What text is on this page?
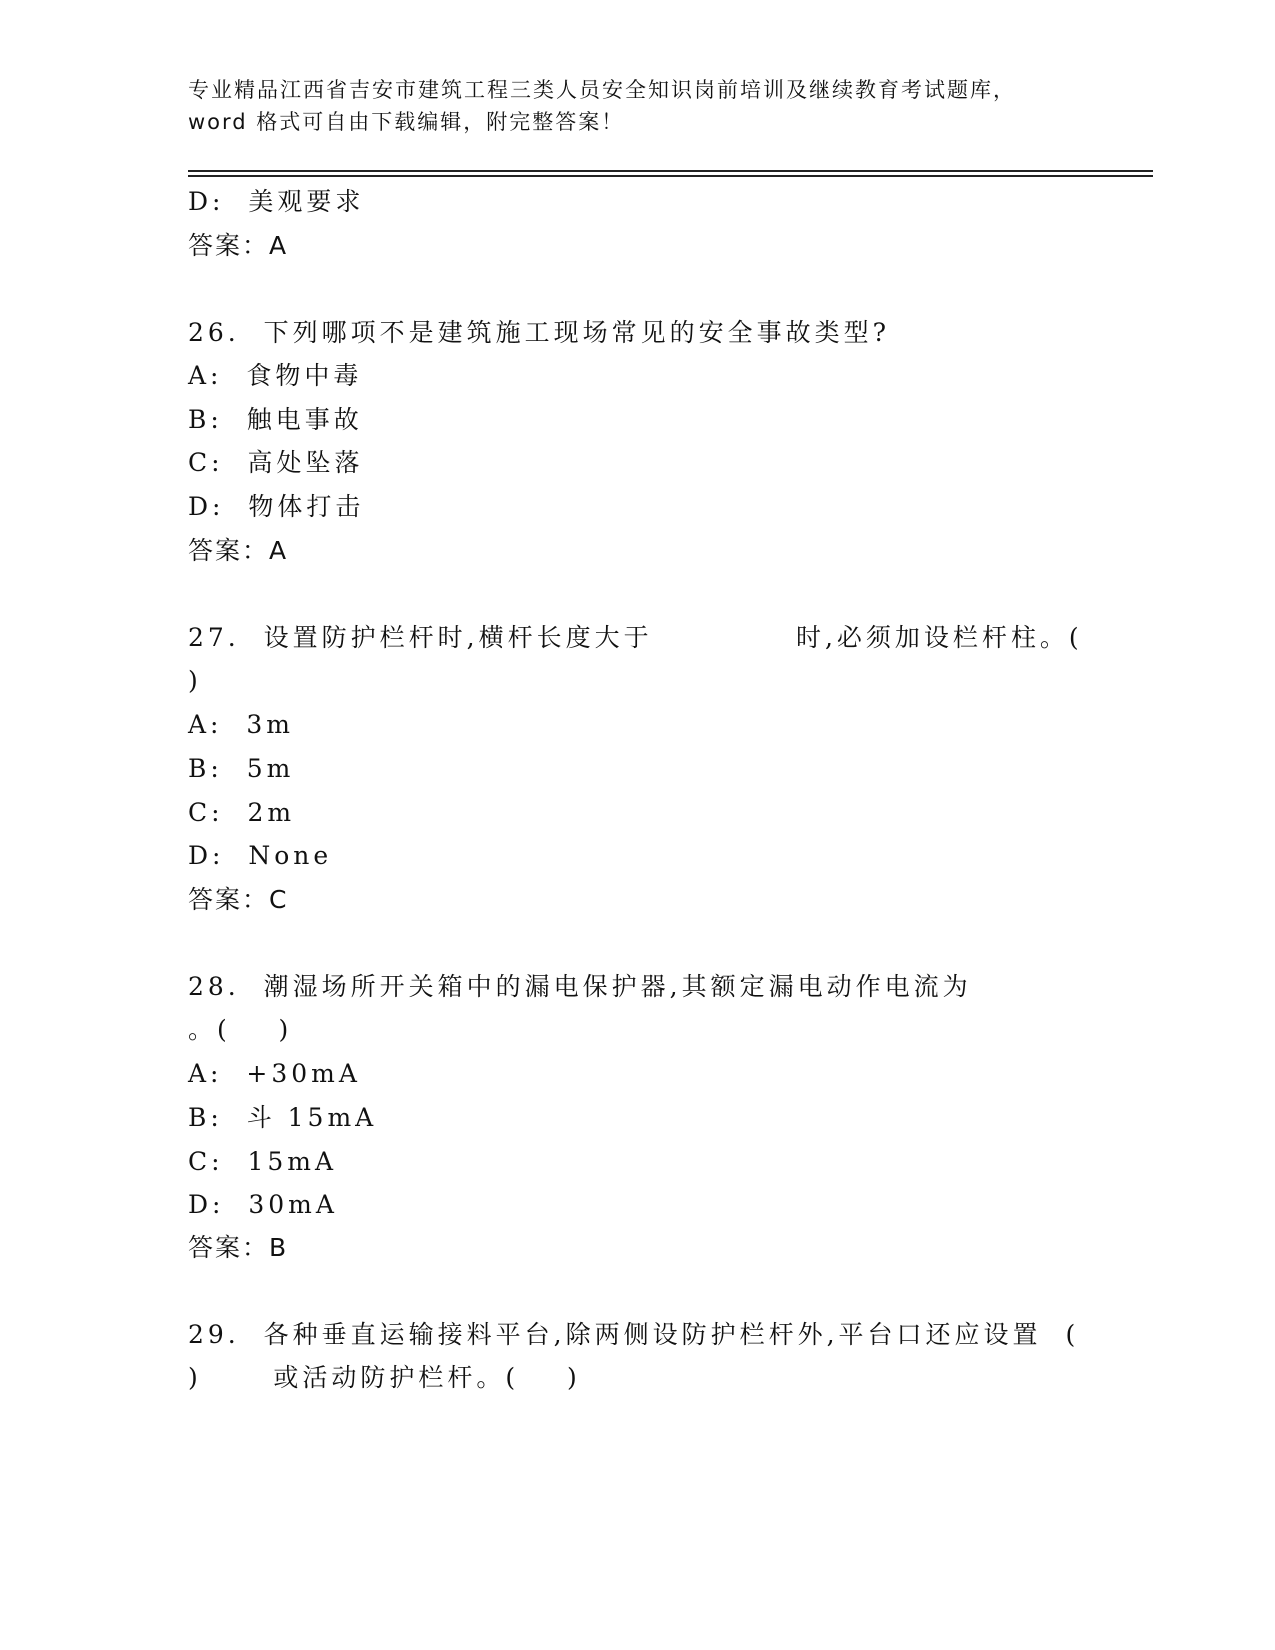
专业精品江西省吉安市建筑工程三类人员安全知识岗前培训及继续教育考试题库，
word 格式可自由下载编辑，附完整答案！
D:  美观要求
答案：A
26.  下列哪项不是建筑施工现场常见的安全事故类型?
A:  食物中毒
B:  触电事故
C:  高处坠落
D:  物体打击
答案：A
27.  设置防护栏杆时,横杆长度大于            时,必须加设栏杆柱。(
)
A:  3m
B:  5m
C:  2m
D:  None
答案：C
28.  潮湿场所开关箱中的漏电保护器,其额定漏电动作电流为
。(    )
A:  +30mA
B:  斗 15mA
C:  15mA
D:  30mA
答案：B
29.  各种垂直运输接料平台,除两侧设防护栏杆外,平台口还应设置  (
)      或活动防护栏杆。(    )
